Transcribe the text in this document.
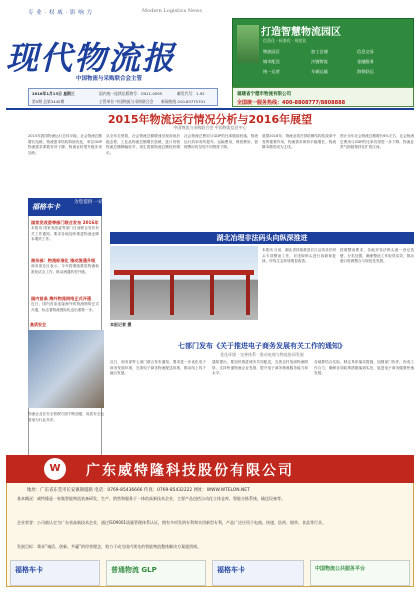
专 业 · 权 威 · 影 响 力	Modern Logistics News
现代物流报
中国物流与采购联合会主管
打造智慧物流园区
信息化 · 标准化 · 规范化
物流园区	加工仓储	信息交易
城市配送	冷链物流	金融服务
统一运营	车辆运输	海铁联运
2016年1月13日 星期三
第5期 总第3445期
国内统一连续出版物号：CN11-0095	邮发代号：1-92
主管单位 中国物流与采购联合会 新闻热线 010-83775701
福建省宁德市物流有限公司
全国统一服务热线：400-8808777/8808888
2015年物流运行情况分析与2016年展望
中国物流与采购联合会 中国物流信息中心
2015年我国物流运行总体平稳，社会物流总额增长趋缓，物流需求结构持续优化，单位GDP物流需求系数有所下降，物流业转型升级步伐加快。
从全年走势看，社会物流总额增速呈现前低后稳态势，工业品物流总额增长放缓，进口货物物流总额降幅收窄，再生资源物流总额较快增长。
社会物流总费用与GDP的比率继续回落，物流运行效率有所提升。运输费用、保管费用、管理费用均呈现不同程度下降。
展望2016年，物流业将在供给侧结构性改革中发挥重要作用，物流需求保持平稳增长，物流降本增效成为主线。
预计全年社会物流总额增长6%左右，社会物流总费用与GDP的比率有望进一步下降，物流业景气指数保持在扩张区间。
福格车卡
为您提供 一站式服务
国家发改委等部门联合发布 2016年
本报讯 国家发改委等部门日前联合发布有关工作通知，要求各地加快推进物流业降本增效工作。
商务部：物流标准化 推动流通升级
商务部近日表示，今年将继续推进物流标准化试点工作，推动流通转型升级。
国内首条 海外物流网络正式开通
近日，国内首条连接海外的物流网络正式开通，标志着物流国际化迈出重要一步。
湖北冶理非法码头向纵深推进
本报记者 摄
本报讯 日前，湖北省持续推进长江沿线非法码头专项整治工作，对违规码头进行拆除和复绿，岸线生态环境明显改善。
按照整治要求，各地对非法码头逐一登记造册，分类处置，确保整治工作取得实效，推动港口资源整合与规范化发展。
高质安全
七部门发布《关于推进电子商务发展有关工作的通知》
优化环境 · 完善体系 · 推动电商与物流协同发展
近日，商务部等七部门联合发布通知，要求进一步优化电子商务发展环境，完善电子商务物流配送体系，推动线上线下融合发展。
通知提出，要加快推进城市共同配送，完善农村电商物流网络，支持快递物流企业发展，提升电子商务物流服务能力和水平。
各地要结合实际，制定具体落实措施，加强部门协作，形成工作合力，确保各项政策措施落到实处，促进电子商务健康快速发展。
物流企业在安全管理方面不断加强，高质安全运营成为行业共识。
地址：广东省东莞市长安镇锦厦路 电话：0769-85436666 传真：0769-85432222 网址：WWW.WTELON.NET
基本概况：威特隆是一家集智能物流装备研发、生产、销售和服务于一体的高新技术企业，主要产品包括自动化立体仓库、智能分拣系统、输送设备等。
企业荣誉：公司被认定为广东省高新技术企业，通过ISO9001质量管理体系认证，拥有多项发明专利和实用新型专利，产品广泛应用于电商、快递、医药、烟草、食品等行业。
发展目标：秉承“诚信、创新、共赢”的经营理念，致力于成为国内领先的智能物流整体解决方案提供商。
W	广东威特隆科技股份有限公司
福格车卡	普通物流 GLP	福格车卡	中国物流公共服务平台
